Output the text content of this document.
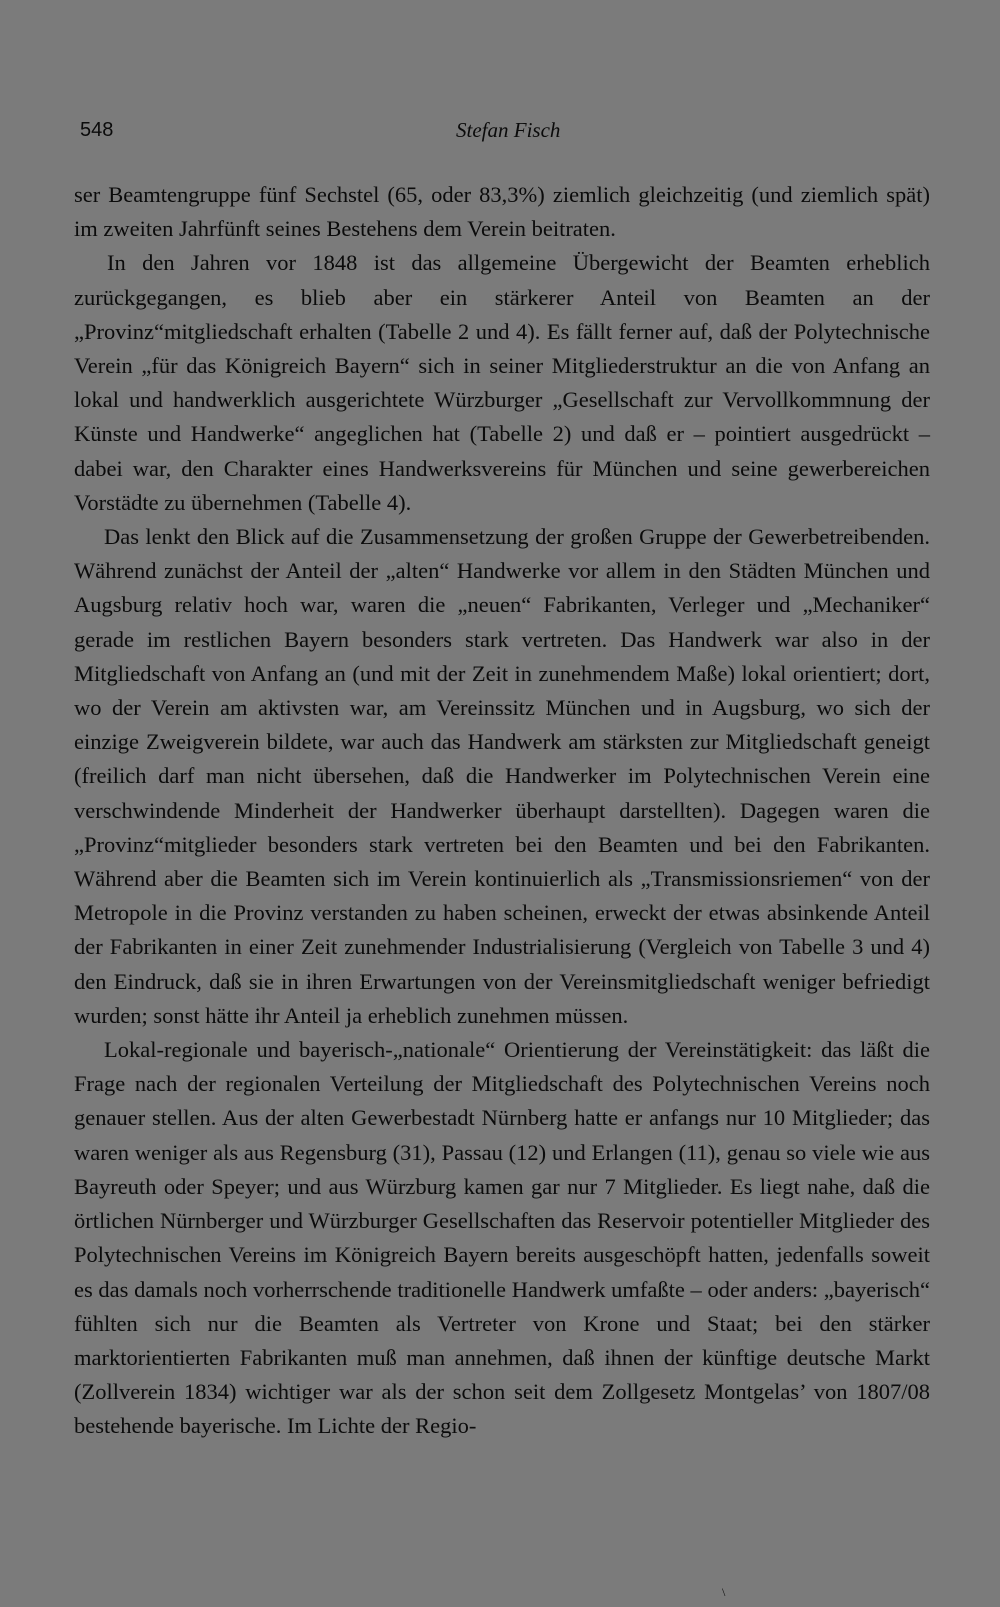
548	Stefan Fisch

ser Beamtengruppe fünf Sechstel (65, oder 83,3%) ziemlich gleichzeitig (und ziemlich spät) im zweiten Jahrfünft seines Bestehens dem Verein beitraten.

In den Jahren vor 1848 ist das allgemeine Übergewicht der Beamten erheblich zurückgegangen, es blieb aber ein stärkerer Anteil von Beamten an der „Provinz“mitgliedschaft erhalten (Tabelle 2 und 4). Es fällt ferner auf, daß der Polytechnische Verein „für das Königreich Bayern“ sich in seiner Mitgliederstruktur an die von Anfang an lokal und handwerklich ausgerichtete Würzburger „Gesellschaft zur Vervollkommnung der Künste und Handwerke“ angeglichen hat (Tabelle 2) und daß er – pointiert ausgedrückt – dabei war, den Charakter eines Handwerksvereins für München und seine gewerbereichen Vorstädte zu übernehmen (Tabelle 4).

Das lenkt den Blick auf die Zusammensetzung der großen Gruppe der Gewerbetreibenden. Während zunächst der Anteil der „alten“ Handwerke vor allem in den Städten München und Augsburg relativ hoch war, waren die „neuen“ Fabrikanten, Verleger und „Mechaniker“ gerade im restlichen Bayern besonders stark vertreten. Das Handwerk war also in der Mitgliedschaft von Anfang an (und mit der Zeit in zunehmendem Maße) lokal orientiert; dort, wo der Verein am aktivsten war, am Vereinssitz München und in Augsburg, wo sich der einzige Zweigverein bildete, war auch das Handwerk am stärksten zur Mitgliedschaft geneigt (freilich darf man nicht übersehen, daß die Handwerker im Polytechnischen Verein eine verschwindende Minderheit der Handwerker überhaupt darstellten). Dagegen waren die „Provinz“mitglieder besonders stark vertreten bei den Beamten und bei den Fabrikanten. Während aber die Beamten sich im Verein kontinuierlich als „Transmissionsriemen“ von der Metropole in die Provinz verstanden zu haben scheinen, erweckt der etwas absinkende Anteil der Fabrikanten in einer Zeit zunehmender Industrialisierung (Vergleich von Tabelle 3 und 4) den Eindruck, daß sie in ihren Erwartungen von der Vereinsmitgliedschaft weniger befriedigt wurden; sonst hätte ihr Anteil ja erheblich zunehmen müssen.

Lokal-regionale und bayerisch-„nationale“ Orientierung der Vereinstätigkeit: das läßt die Frage nach der regionalen Verteilung der Mitgliedschaft des Polytechnischen Vereins noch genauer stellen. Aus der alten Gewerbestadt Nürnberg hatte er anfangs nur 10 Mitglieder; das waren weniger als aus Regensburg (31), Passau (12) und Erlangen (11), genau so viele wie aus Bayreuth oder Speyer; und aus Würzburg kamen gar nur 7 Mitglieder. Es liegt nahe, daß die örtlichen Nürnberger und Würzburger Gesellschaften das Reservoir potentieller Mitglieder des Polytechnischen Vereins im Königreich Bayern bereits ausgeschöpft hatten, jedenfalls soweit es das damals noch vorherrschende traditionelle Handwerk umfaßte – oder anders: „bayerisch“ fühlten sich nur die Beamten als Vertreter von Krone und Staat; bei den stärker marktorientierten Fabrikanten muß man annehmen, daß ihnen der künftige deutsche Markt (Zollverein 1834) wichtiger war als der schon seit dem Zollgesetz Montgelas’ von 1807/08 bestehende bayerische. Im Lichte der Regio-

\
